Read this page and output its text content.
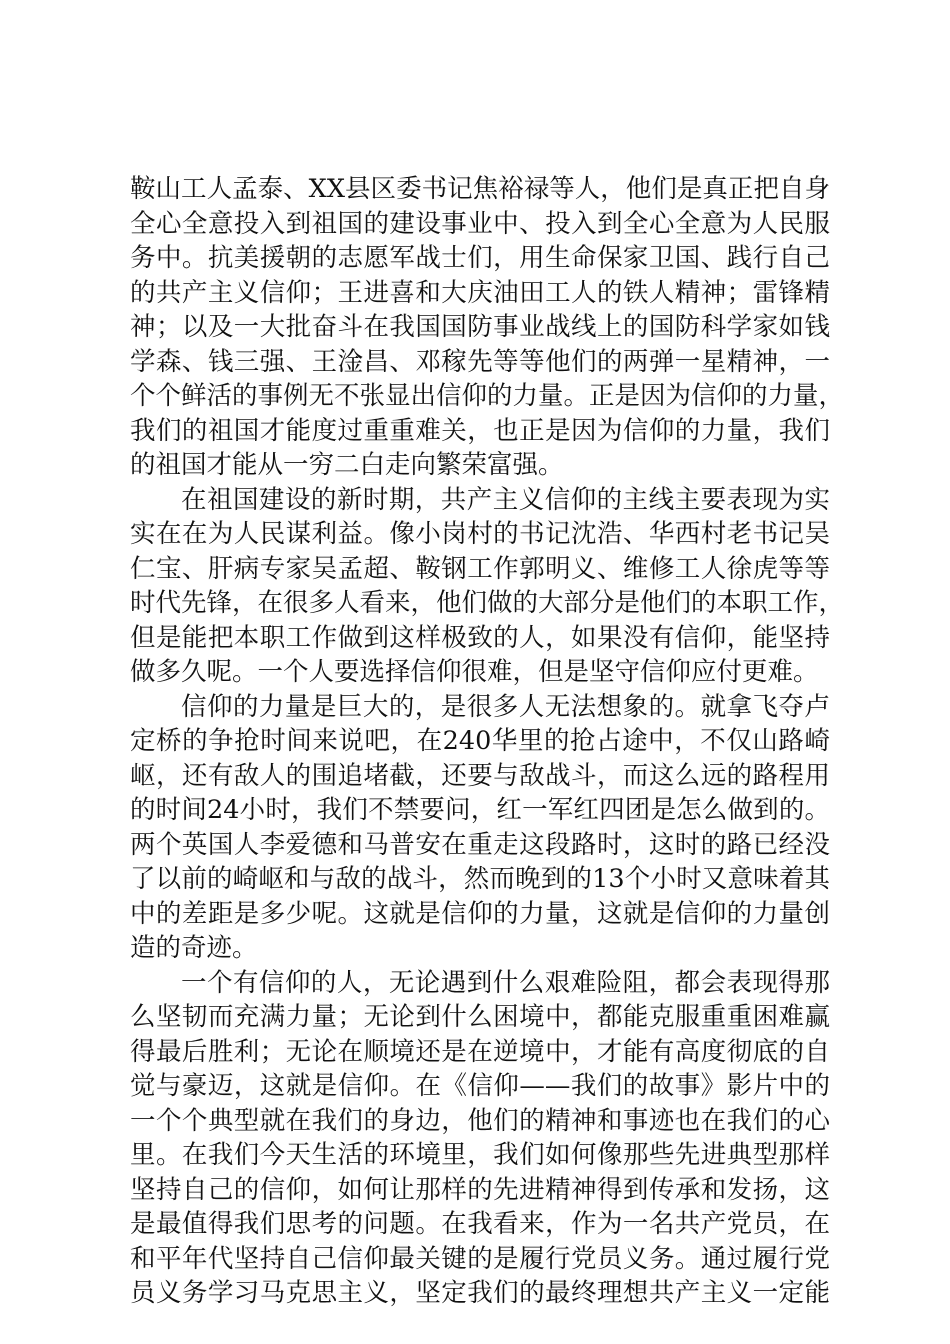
鞍山工人孟泰、XX县区委书记焦裕禄等人，他们是真正把自身
全心全意投入到祖国的建设事业中、投入到全心全意为人民服
务中。抗美援朝的志愿军战士们，用生命保家卫国、践行自己
的共产主义信仰；王进喜和大庆油田工人的铁人精神；雷锋精
神；以及一大批奋斗在我国国防事业战线上的国防科学家如钱
学森、钱三强、王淦昌、邓稼先等等他们的两弹一星精神，一
个个鲜活的事例无不张显出信仰的力量。正是因为信仰的力量，
我们的祖国才能度过重重难关，也正是因为信仰的力量，我们
的祖国才能从一穷二白走向繁荣富强。
在祖国建设的新时期，共产主义信仰的主线主要表现为实
实在在为人民谋利益。像小岗村的书记沈浩、华西村老书记吴
仁宝、肝病专家吴孟超、鞍钢工作郭明义、维修工人徐虎等等
时代先锋，在很多人看来，他们做的大部分是他们的本职工作，
但是能把本职工作做到这样极致的人，如果没有信仰，能坚持
做多久呢。一个人要选择信仰很难，但是坚守信仰应付更难。
信仰的力量是巨大的，是很多人无法想象的。就拿飞夺卢
定桥的争抢时间来说吧，在240华里的抢占途中，不仅山路崎
岖，还有敌人的围追堵截，还要与敌战斗，而这么远的路程用
的时间24小时，我们不禁要问，红一军红四团是怎么做到的。
两个英国人李爱德和马普安在重走这段路时，这时的路已经没
了以前的崎岖和与敌的战斗，然而晚到的13个小时又意味着其
中的差距是多少呢。这就是信仰的力量，这就是信仰的力量创
造的奇迹。
一个有信仰的人，无论遇到什么艰难险阻，都会表现得那
么坚韧而充满力量；无论到什么困境中，都能克服重重困难赢
得最后胜利；无论在顺境还是在逆境中，才能有高度彻底的自
觉与豪迈，这就是信仰。在《信仰——我们的故事》影片中的
一个个典型就在我们的身边，他们的精神和事迹也在我们的心
里。在我们今天生活的环境里，我们如何像那些先进典型那样
坚持自己的信仰，如何让那样的先进精神得到传承和发扬，这
是最值得我们思考的问题。在我看来，作为一名共产党员，在
和平年代坚持自己信仰最关键的是履行党员义务。通过履行党
员义务学习马克思主义，坚定我们的最终理想共产主义一定能
